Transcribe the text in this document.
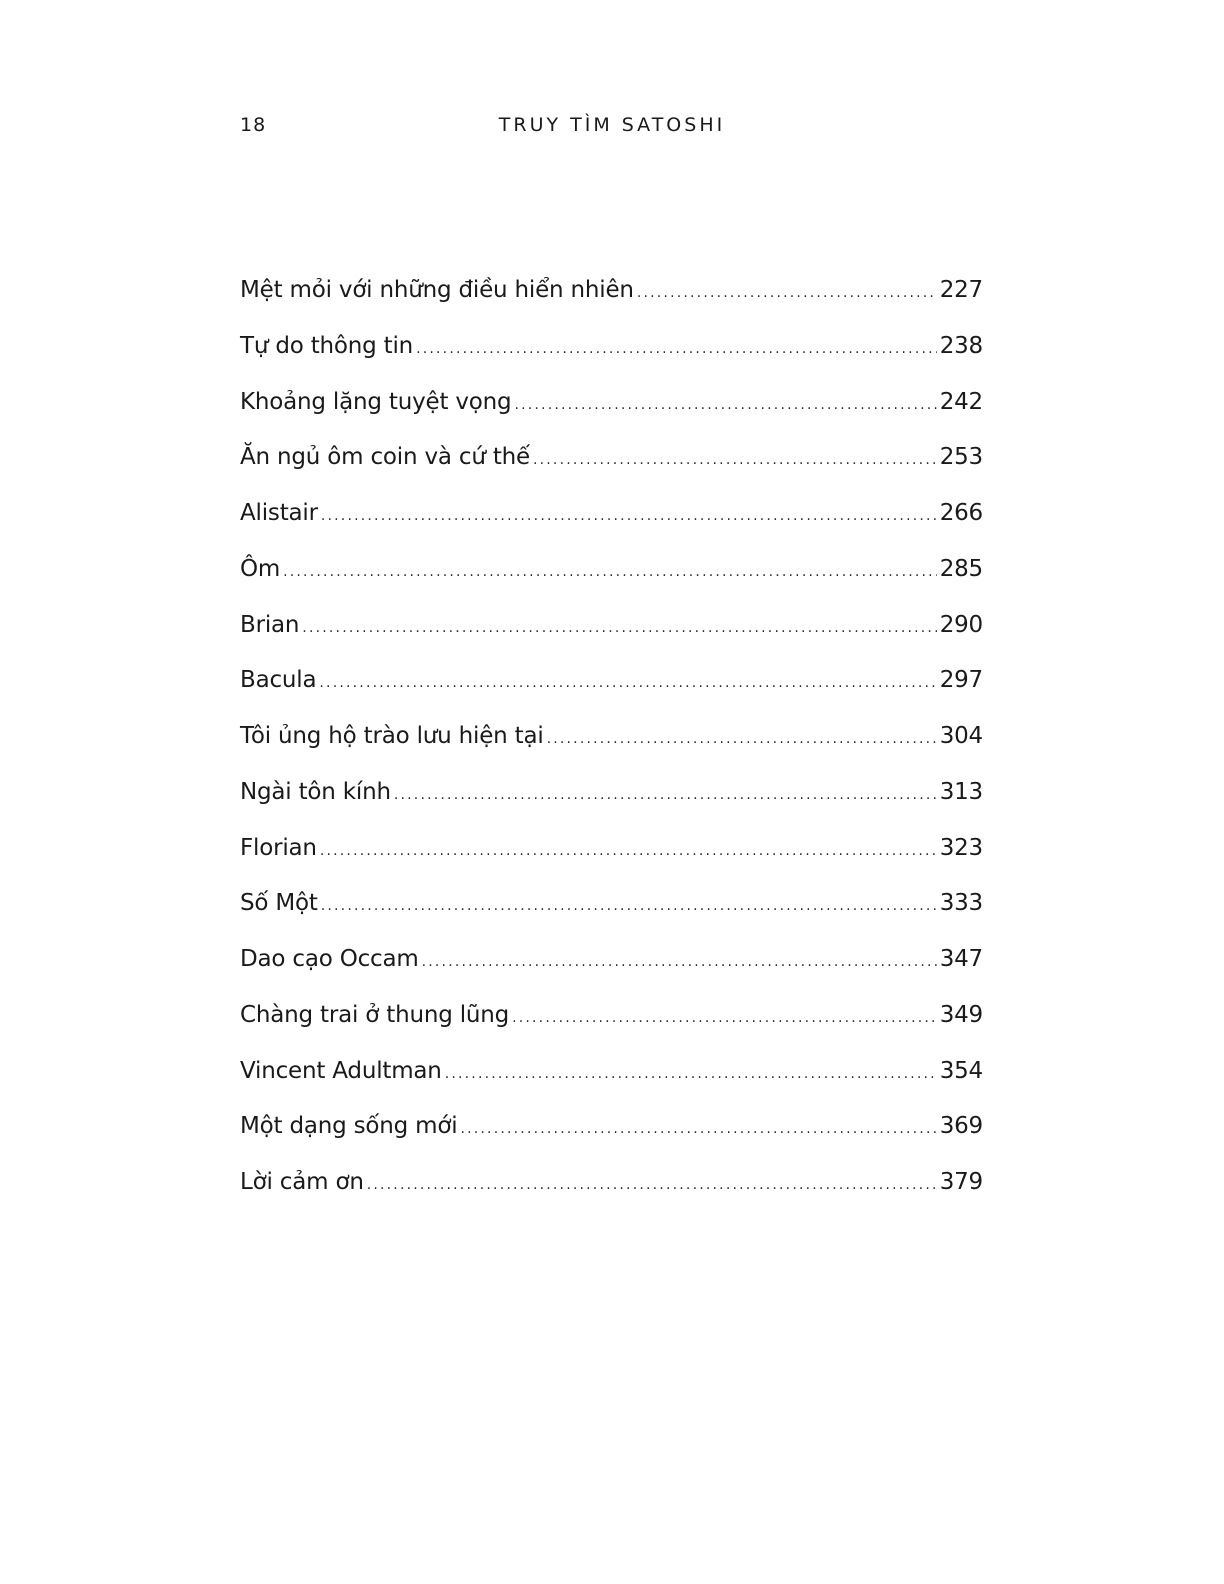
18	TRUY TÌM SATOSHI
Mệt mỏi với những điều hiển nhiên .....	227
Tự do thông tin .....	238
Khoảng lặng tuyệt vọng .....	242
Ăn ngủ ôm coin và cứ thế .....	253
Alistair .....	266
Ôm .....	285
Brian .....	290
Bacula .....	297
Tôi ủng hộ trào lưu hiện tại .....	304
Ngài tôn kính .....	313
Florian .....	323
Số Một .....	333
Dao cạo Occam .....	347
Chàng trai ở thung lũng .....	349
Vincent Adultman .....	354
Một dạng sống mới .....	369
Lời cảm ơn .....	379
